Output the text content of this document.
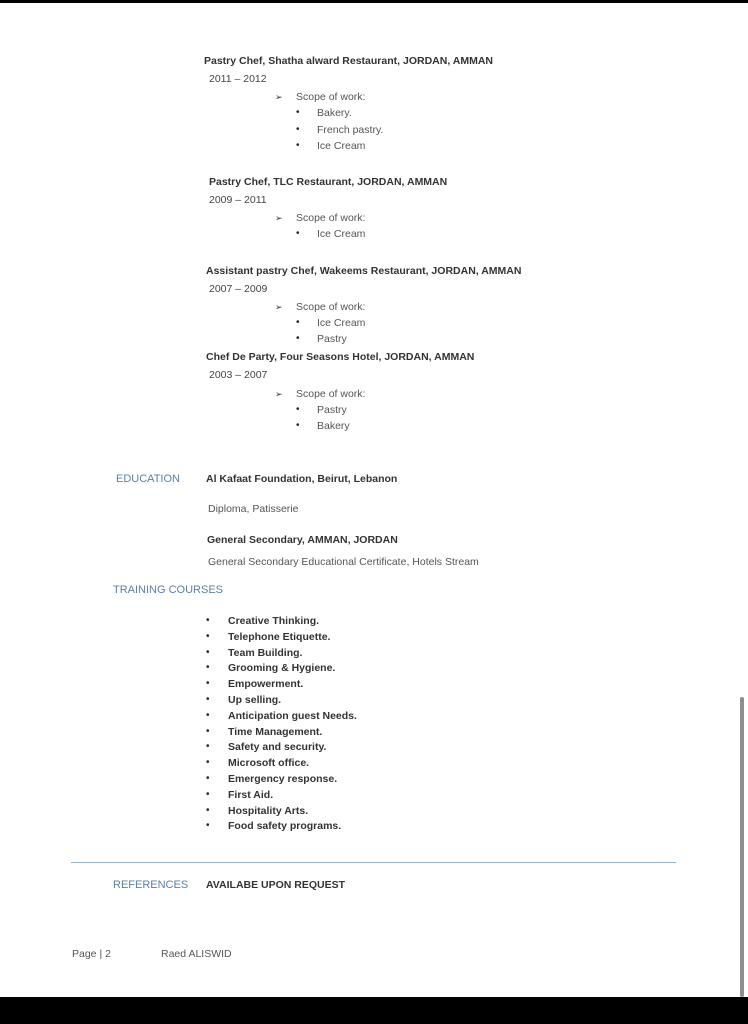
Pastry Chef, Shatha alward Restaurant, JORDAN, AMMAN
2011 – 2012
➢ Scope of work:
• Bakery.
• French pastry.
• Ice Cream
Pastry Chef, TLC Restaurant, JORDAN, AMMAN
2009 – 2011
➢ Scope of work:
• Ice Cream
Assistant pastry Chef, Wakeems Restaurant, JORDAN, AMMAN
2007 – 2009
➢ Scope of work:
• Ice Cream
• Pastry
Chef De Party, Four Seasons Hotel, JORDAN, AMMAN
2003 – 2007
➢ Scope of work:
• Pastry
• Bakery
EDUCATION Al Kafaat Foundation, Beirut, Lebanon
Diploma, Patisserie
General Secondary, AMMAN, JORDAN
General Secondary Educational Certificate, Hotels Stream
TRAINING COURSES
• Creative Thinking.
• Telephone Etiquette.
• Team Building.
• Grooming & Hygiene.
• Empowerment.
• Up selling.
• Anticipation guest Needs.
• Time Management.
• Safety and security.
• Microsoft office.
• Emergency response.
• First Aid.
• Hospitality Arts.
• Food safety programs.
REFERENCES AVAILABE UPON REQUEST
Page | 2	Raed ALISWID
